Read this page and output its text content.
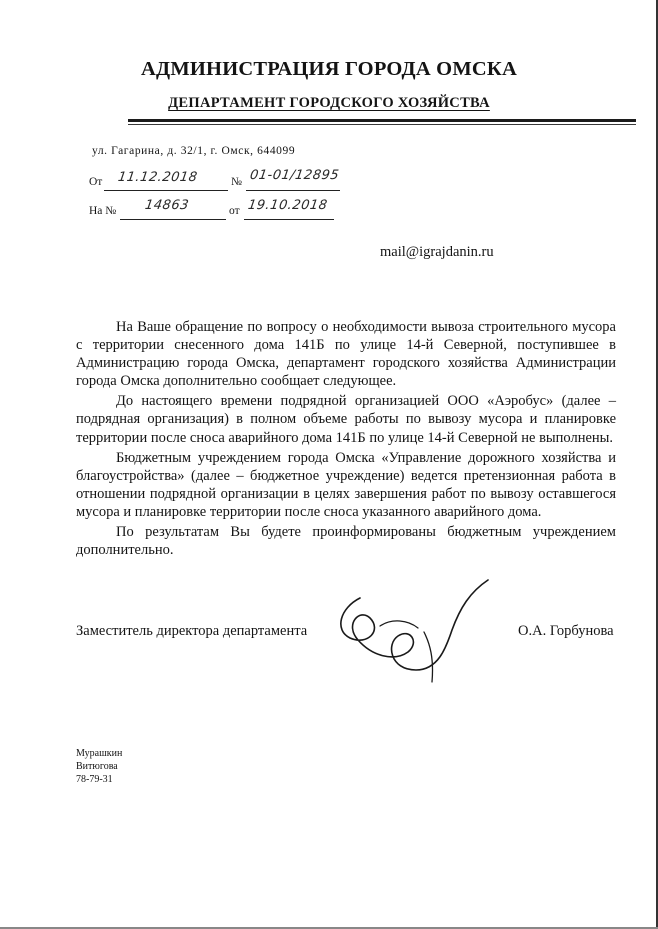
АДМИНИСТРАЦИЯ ГОРОДА ОМСКА
ДЕПАРТАМЕНТ ГОРОДСКОГО ХОЗЯЙСТВА
ул. Гагарина, д. 32/1, г. Омск, 644099
От 11.12.2018	№ 01-01/12895
На № 14863	от 19.10.2018
mail@igrajdanin.ru

На Ваше обращение по вопросу о необходимости вывоза строительного мусора с территории снесенного дома 141Б по улице 14-й Северной, поступившее в Администрацию города Омска, департамент городского хозяйства Администрации города Омска дополнительно сообщает следующее.

До настоящего времени подрядной организацией ООО «Аэробус» (далее – подрядная организация) в полном объеме работы по вывозу мусора и планировке территории после сноса аварийного дома 141Б по улице 14-й Северной не выполнены.

Бюджетным учреждением города Омска «Управление дорожного хозяйства и благоустройства» (далее – бюджетное учреждение) ведется претензионная работа в отношении подрядной организации в целях завершения работ по вывозу оставшегося мусора и планировке территории после сноса указанного аварийного дома.

По результатам Вы будете проинформированы бюджетным учреждением дополнительно.

Заместитель директора департамента	О.А. Горбунова
Мурашкин
Витюгова
78-79-31
